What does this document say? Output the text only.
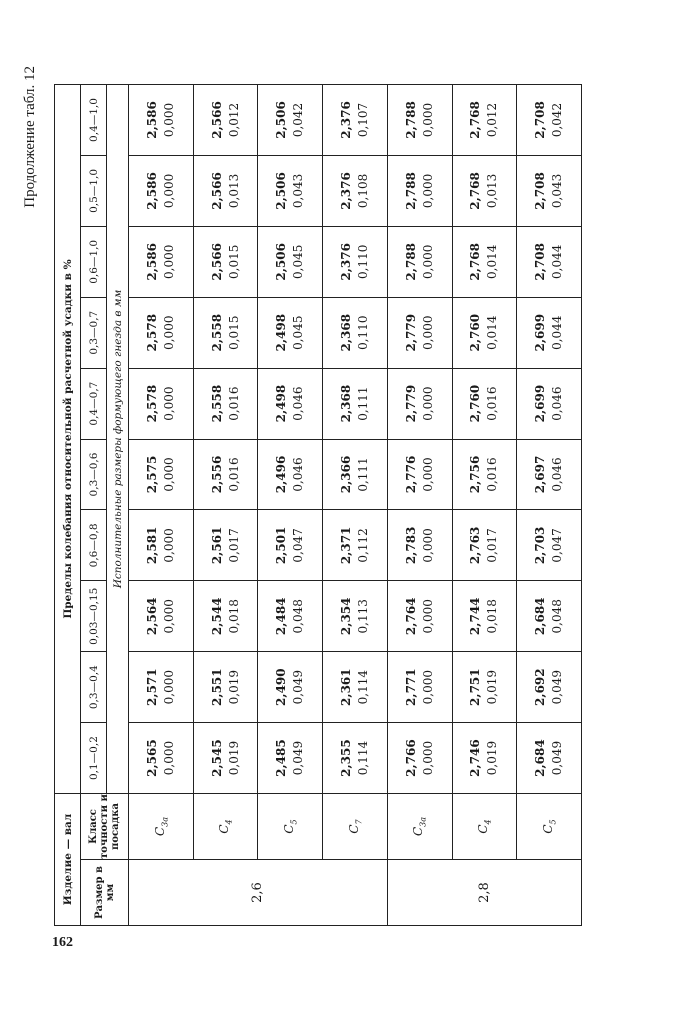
162
Продолжение табл. 12
Изделие — вал		Пределы колебания относительной расчетной усадки в %									
Размер в мм	Класс точности и посадка	0,1—0,2	0,3—0,4	0,03—0,15	0,6—0,8	0,3—0,6	0,4—0,7	0,3—0,7	0,6—1,0	0,5—1,0	0,4—1,0
		Исполнительные размеры формующего гнезда в мм									
2,6	$C_{3а}$	2,565 0,000	2,571 0,000	2,564 0,000	2,581 0,000	2,575 0,000	2,578 0,000	2,578 0,000	2,586 0,000	2,586 0,000	2,586 0,000

	$C_4$	2,545 0,019	2,551 0,019	2,544 0,018	2,561 0,017	2,556 0,016	2,558 0,016	2,558 0,015	2,566 0,015	2,566 0,013	2,566 0,012

	$C_5$	2,485 0,049	2,490 0,049	2,484 0,048	2,501 0,047	2,496 0,046	2,498 0,046	2,498 0,045	2,506 0,045	2,506 0,043	2,506 0,042

	$C_7$	2,355 0,114	2,361 0,114	2,354 0,113	2,371 0,112	2,366 0,111	2,368 0,111	2,368 0,110	2,376 0,110	2,376 0,108	2,376 0,107

2,8	$C_{3а}$	2,766 0,000	2,771 0,000	2,764 0,000	2,783 0,000	2,776 0,000	2,779 0,000	2,779 0,000	2,788 0,000	2,788 0,000	2,788 0,000

	$C_4$	2,746 0,019	2,751 0,019	2,744 0,018	2,763 0,017	2,756 0,016	2,760 0,016	2,760 0,014	2,768 0,014	2,768 0,013	2,768 0,012

	$C_5$	2,684 0,049	2,692 0,049	2,684 0,048	2,703 0,047	2,697 0,046	2,699 0,046	2,699 0,044	2,708 0,044	2,708 0,043	2,708 0,042
